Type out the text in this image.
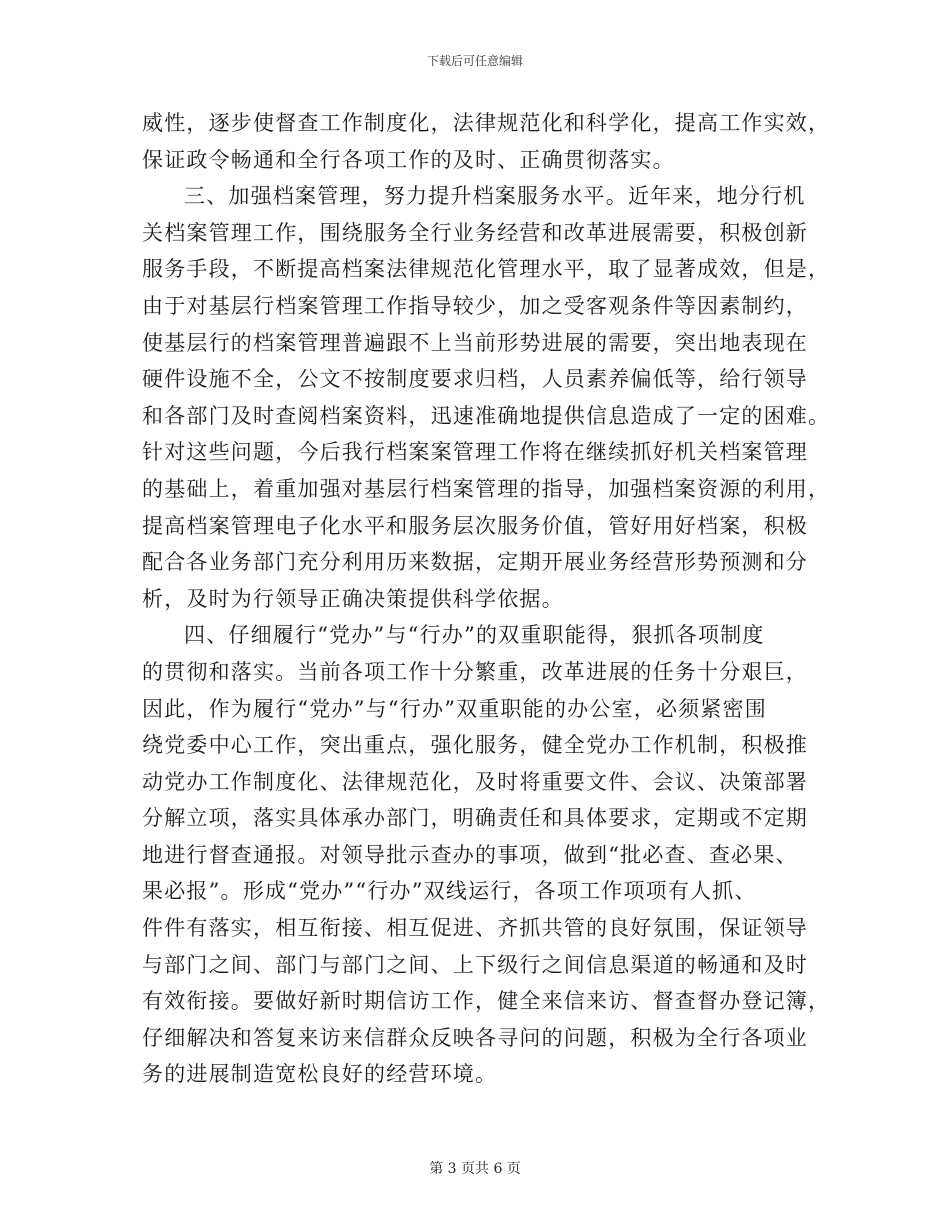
下载后可任意编辑
威性，逐步使督查工作制度化，法律规范化和科学化，提高工作实效，
保证政令畅通和全行各项工作的及时、正确贯彻落实。
三、加强档案管理，努力提升档案服务水平。近年来，地分行机
关档案管理工作，围绕服务全行业务经营和改革进展需要，积极创新
服务手段，不断提高档案法律规范化管理水平，取了显著成效，但是，
由于对基层行档案管理工作指导较少，加之受客观条件等因素制约，
使基层行的档案管理普遍跟不上当前形势进展的需要，突出地表现在
硬件设施不全，公文不按制度要求归档，人员素养偏低等，给行领导
和各部门及时查阅档案资料，迅速准确地提供信息造成了一定的困难。
针对这些问题，今后我行档案案管理工作将在继续抓好机关档案管理
的基础上，着重加强对基层行档案管理的指导，加强档案资源的利用，
提高档案管理电子化水平和服务层次服务价值，管好用好档案，积极
配合各业务部门充分利用历来数据，定期开展业务经营形势预测和分
析，及时为行领导正确决策提供科学依据。
四、仔细履行“党办”与“行办”的双重职能得，狠抓各项制度
的贯彻和落实。当前各项工作十分繁重，改革进展的任务十分艰巨，
因此，作为履行“党办”与“行办”双重职能的办公室，必须紧密围
绕党委中心工作，突出重点，强化服务，健全党办工作机制，积极推
动党办工作制度化、法律规范化，及时将重要文件、会议、决策部署
分解立项，落实具体承办部门，明确责任和具体要求，定期或不定期
地进行督查通报。对领导批示查办的事项，做到“批必查、查必果、
果必报”。形成“党办”“行办”双线运行，各项工作项项有人抓、
件件有落实，相互衔接、相互促进、齐抓共管的良好氛围，保证领导
与部门之间、部门与部门之间、上下级行之间信息渠道的畅通和及时
有效衔接。要做好新时期信访工作，健全来信来访、督查督办登记簿，
仔细解决和答复来访来信群众反映各寻问的问题，积极为全行各项业
务的进展制造宽松良好的经营环境。
第 3 页共 6 页
